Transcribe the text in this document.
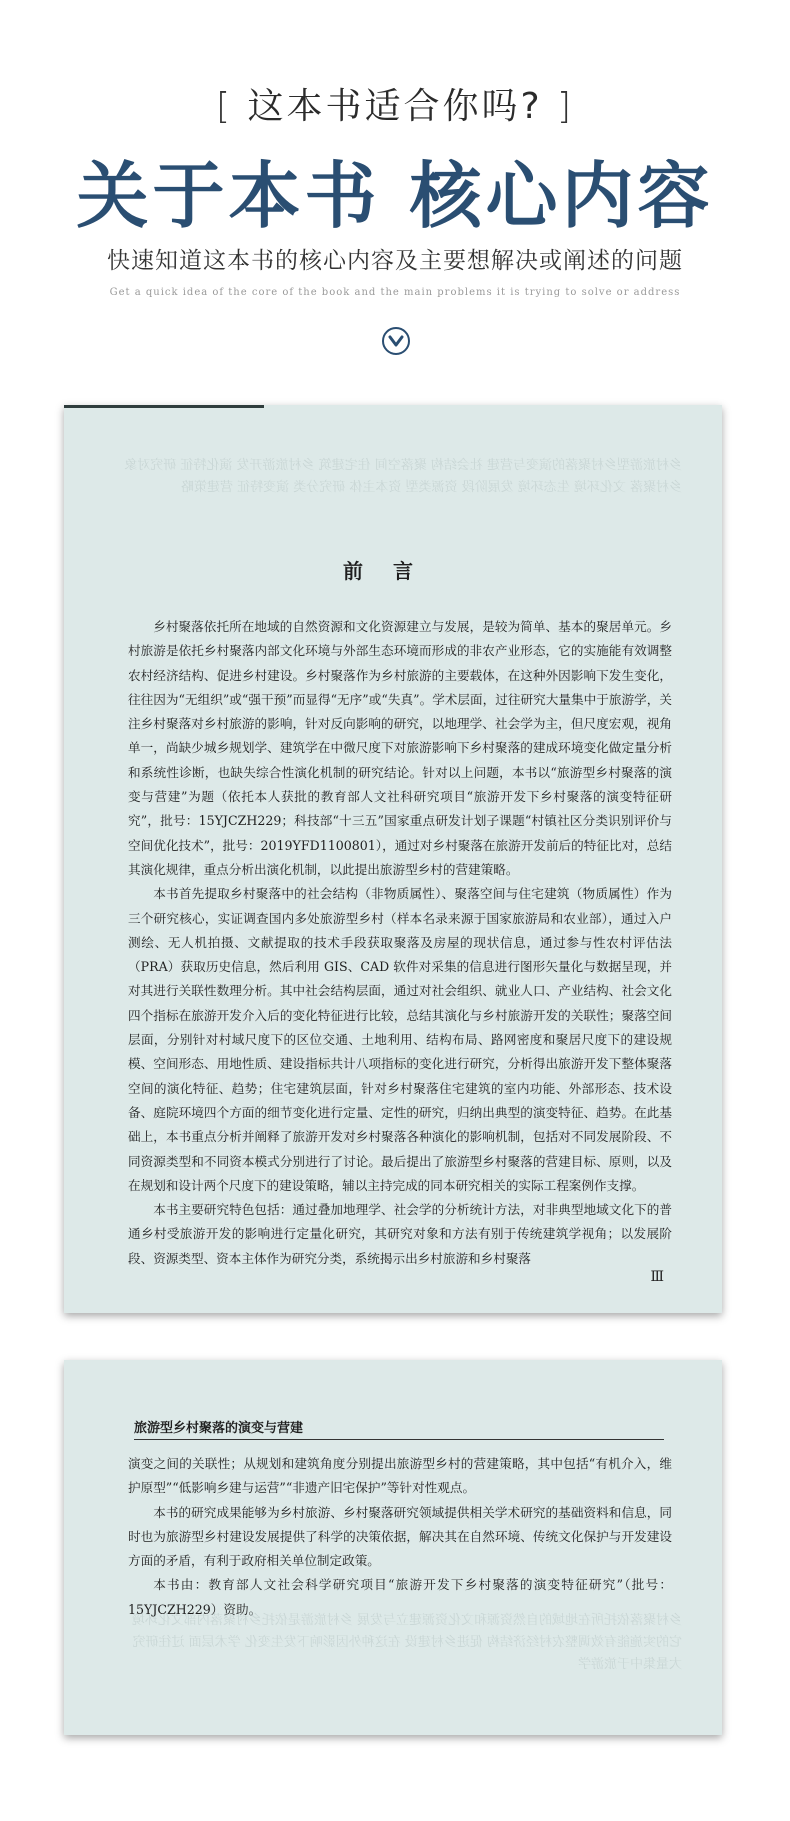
[ 这本书适合你吗? ]
关于本书 核心内容
快速知道这本书的核心内容及主要想解决或阐述的问题
Get a quick idea of the core of the book and the main problems it is trying to solve or address
乡村旅游型乡村聚落的演变与营建 社会结构 聚落空间 住宅建筑 乡村旅游开发 演化特征 研究对象 乡村聚落 文化环境 生态环境 发展阶段 资源类型 资本主体 研究分类 演变特征 营建策略
前言

乡村聚落依托所在地域的自然资源和文化资源建立与发展，是较为简单、基本的聚居单元。乡村旅游是依托乡村聚落内部文化环境与外部生态环境而形成的非农产业形态，它的实施能有效调整农村经济结构、促进乡村建设。乡村聚落作为乡村旅游的主要载体，在这种外因影响下发生变化，往往因为“无组织”或“强干预”而显得“无序”或“失真”。学术层面，过往研究大量集中于旅游学，关注乡村聚落对乡村旅游的影响，针对反向影响的研究，以地理学、社会学为主，但尺度宏观，视角单一，尚缺少城乡规划学、建筑学在中微尺度下对旅游影响下乡村聚落的建成环境变化做定量分析和系统性诊断，也缺失综合性演化机制的研究结论。针对以上问题，本书以“旅游型乡村聚落的演变与营建”为题（依托本人获批的教育部人文社科研究项目“旅游开发下乡村聚落的演变特征研究”，批号：15YJCZH229；科技部“十三五”国家重点研发计划子课题“村镇社区分类识别评价与空间优化技术”，批号：2019YFD1100801），通过对乡村聚落在旅游开发前后的特征比对，总结其演化规律，重点分析出演化机制，以此提出旅游型乡村的营建策略。

本书首先提取乡村聚落中的社会结构（非物质属性）、聚落空间与住宅建筑（物质属性）作为三个研究核心，实证调查国内多处旅游型乡村（样本名录来源于国家旅游局和农业部），通过入户测绘、无人机拍摄、文献提取的技术手段获取聚落及房屋的现状信息，通过参与性农村评估法（PRA）获取历史信息，然后利用 GIS、CAD 软件对采集的信息进行图形矢量化与数据呈现，并对其进行关联性数理分析。其中社会结构层面，通过对社会组织、就业人口、产业结构、社会文化四个指标在旅游开发介入后的变化特征进行比较，总结其演化与乡村旅游开发的关联性；聚落空间层面，分别针对村域尺度下的区位交通、土地利用、结构布局、路网密度和聚居尺度下的建设规模、空间形态、用地性质、建设指标共计八项指标的变化进行研究，分析得出旅游开发下整体聚落空间的演化特征、趋势；住宅建筑层面，针对乡村聚落住宅建筑的室内功能、外部形态、技术设备、庭院环境四个方面的细节变化进行定量、定性的研究，归纳出典型的演变特征、趋势。在此基础上，本书重点分析并阐释了旅游开发对乡村聚落各种演化的影响机制，包括对不同发展阶段、不同资源类型和不同资本模式分别进行了讨论。最后提出了旅游型乡村聚落的营建目标、原则，以及在规划和设计两个尺度下的建设策略，辅以主持完成的同本研究相关的实际工程案例作支撑。

本书主要研究特色包括：通过叠加地理学、社会学的分析统计方法，对非典型地域文化下的普通乡村受旅游开发的影响进行定量化研究，其研究对象和方法有别于传统建筑学视角；以发展阶段、资源类型、资本主体作为研究分类，系统揭示出乡村旅游和乡村聚落

Ⅲ
旅游型乡村聚落的演变与营建

演变之间的关联性；从规划和建筑角度分别提出旅游型乡村的营建策略，其中包括“有机介入，维护原型”“低影响乡建与运营”“非遗产旧宅保护”等针对性观点。

本书的研究成果能够为乡村旅游、乡村聚落研究领域提供相关学术研究的基础资料和信息，同时也为旅游型乡村建设发展提供了科学的决策依据，解决其在自然环境、传统文化保护与开发建设方面的矛盾，有利于政府相关单位制定政策。

本书由：教育部人文社会科学研究项目“旅游开发下乡村聚落的演变特征研究”（批号：15YJCZH229）资助。

乡村聚落依托所在地域的自然资源和文化资源建立与发展 乡村旅游是依托乡村聚落内部文化环境 它的实施能有效调整农村经济结构 促进乡村建设 在这种外因影响下发生变化 学术层面 过往研究大量集中于旅游学
